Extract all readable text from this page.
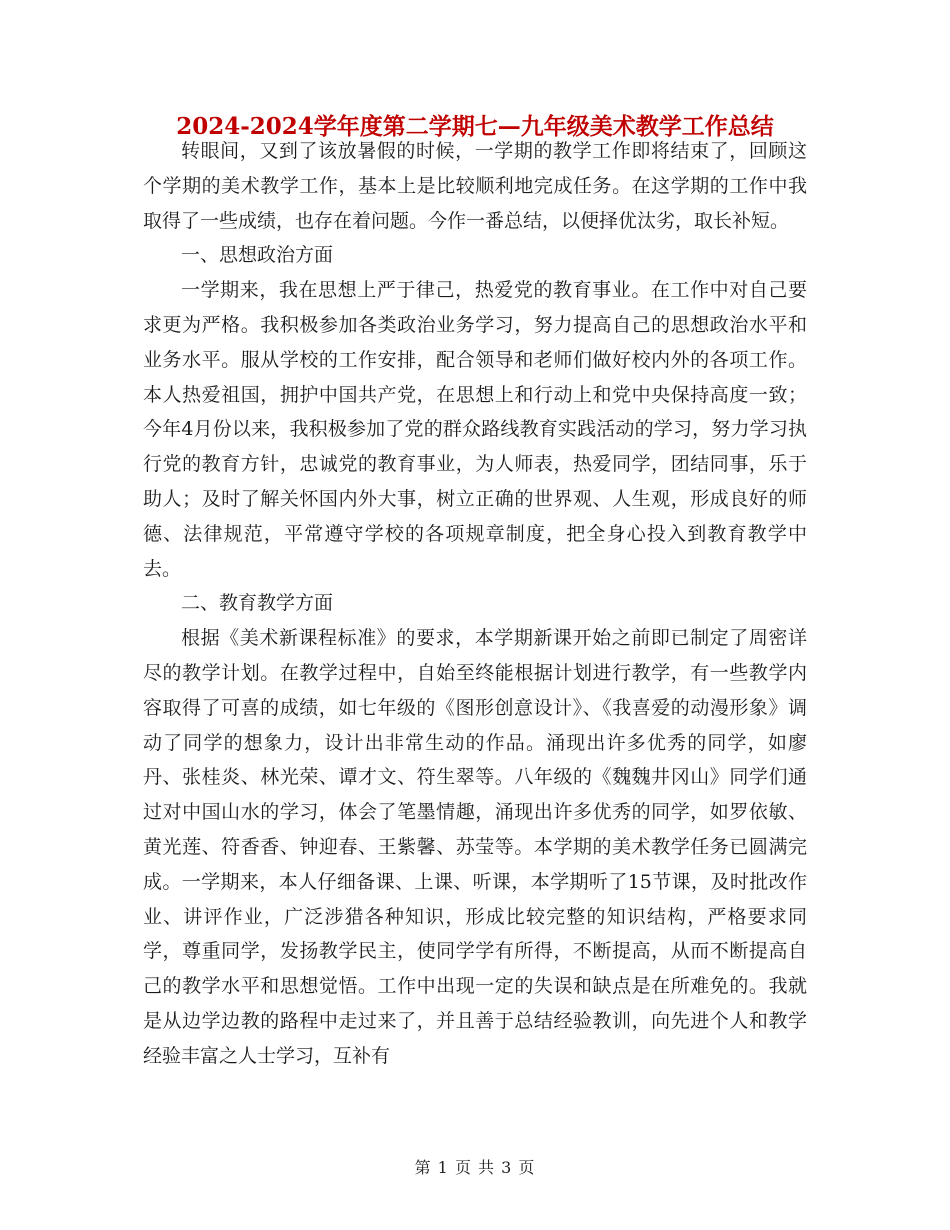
2024-2024学年度第二学期七—九年级美术教学工作总结

转眼间，又到了该放暑假的时候，一学期的教学工作即将结束了，回顾这个学期的美术教学工作，基本上是比较顺利地完成任务。在这学期的工作中我取得了一些成绩，也存在着问题。今作一番总结，以便择优汰劣，取长补短。

一、思想政治方面

一学期来，我在思想上严于律己，热爱党的教育事业。在工作中对自己要求更为严格。我积极参加各类政治业务学习，努力提高自己的思想政治水平和业务水平。服从学校的工作安排，配合领导和老师们做好校内外的各项工作。本人热爱祖国，拥护中国共产党，在思想上和行动上和党中央保持高度一致；今年4月份以来，我积极参加了党的群众路线教育实践活动的学习，努力学习执行党的教育方针，忠诚党的教育事业，为人师表，热爱同学，团结同事，乐于助人；及时了解关怀国内外大事，树立正确的世界观、人生观，形成良好的师德、法律规范，平常遵守学校的各项规章制度，把全身心投入到教育教学中去。

二、教育教学方面

根据《美术新课程标准》的要求，本学期新课开始之前即已制定了周密详尽的教学计划。在教学过程中，自始至终能根据计划进行教学，有一些教学内容取得了可喜的成绩，如七年级的《图形创意设计》、《我喜爱的动漫形象》调动了同学的想象力，设计出非常生动的作品。涌现出许多优秀的同学，如廖丹、张桂炎、林光荣、谭才文、符生翠等。八年级的《魏魏井冈山》同学们通过对中国山水的学习，体会了笔墨情趣，涌现出许多优秀的同学，如罗依敏、黄光莲、符香香、钟迎春、王紫馨、苏莹等。本学期的美术教学任务已圆满完成。一学期来，本人仔细备课、上课、听课，本学期听了15节课，及时批改作业、讲评作业，广泛涉猎各种知识，形成比较完整的知识结构，严格要求同学，尊重同学，发扬教学民主，使同学学有所得，不断提高，从而不断提高自己的教学水平和思想觉悟。工作中出现一定的失误和缺点是在所难免的。我就是从边学边教的路程中走过来了，并且善于总结经验教训，向先进个人和教学经验丰富之人士学习，互补有

第 1 页 共 3 页
